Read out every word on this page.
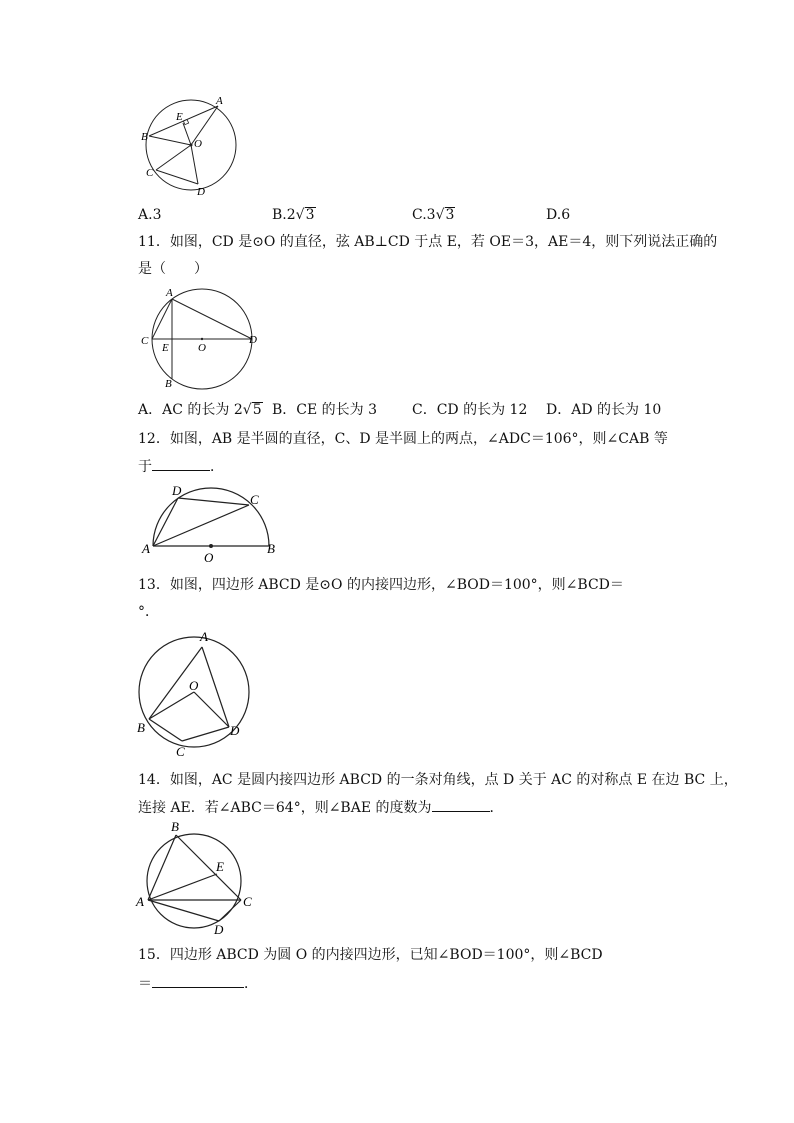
A
B
C
D
E
O
A.3	B.2√3	C.3√3	D.6
11．如图，CD 是⊙O 的直径，弦 AB⊥CD 于点 E，若 OE＝3，AE＝4，则下列说法正确的
是（　　）
A
B
C	D
E	O
A．AC 的长为 2√5 B．CE 的长为 3 C．CD 的长为 12 D．AD 的长为 10
12．如图，AB 是半圆的直径，C、D 是半圆上的两点，∠ADC＝106°，则∠CAB 等
于	．
A	B
C
D
O
13．如图，四边形 ABCD 是⊙O 的内接四边形，∠BOD＝100°，则∠BCD＝
°．
A
B
C
D
O
14．如图，AC 是圆内接四边形 ABCD 的一条对角线，点 D 关于 AC 的对称点 E 在边 BC 上，
连接 AE．若∠ABC＝64°，则∠BAE 的度数为	．
B
A	C
D
E
15．四边形 ABCD 为圆 O 的内接四边形，已知∠BOD＝100°，则∠BCD
＝	．
